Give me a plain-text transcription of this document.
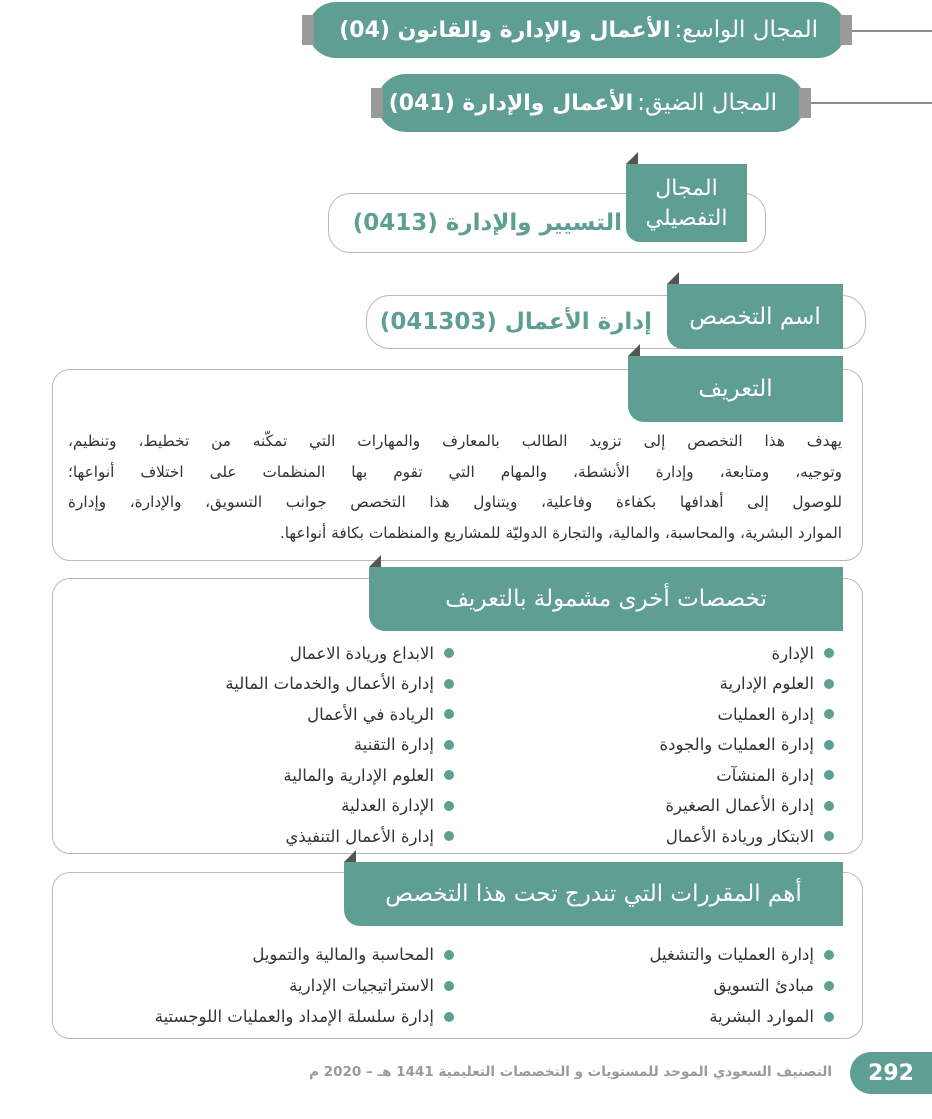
المجال الواسع:
الأعمال والإدارة والقانون (04)
المجال الضيق:
الأعمال والإدارة (041)
المجال
التفصيلي
التسيير والإدارة (0413)
اسم التخصص
إدارة الأعمال (041303)
التعريف
يهدف هذا التخصص إلى تزويد الطالب بالمعارف والمهارات التي تمكّنه من تخطيط، وتنظيم،
وتوجيه، ومتابعة، وإدارة الأنشطة، والمهام التي تقوم بها المنظمات على اختلاف أنواعها؛
للوصول إلى أهدافها بكفاءة وفاعلية، ويتناول هذا التخصص جوانب التسويق، والإدارة، وإدارة
الموارد البشرية، والمحاسبة، والمالية، والتجارة الدوليّة للمشاريع والمنظمات بكافة أنواعها.
تخصصات أخرى مشمولة بالتعريف
الإدارة
العلوم الإدارية
إدارة العمليات
إدارة العمليات والجودة
إدارة المنشآت
إدارة الأعمال الصغيرة
الابتكار وريادة الأعمال
الابداع وريادة الاعمال
إدارة الأعمال والخدمات المالية
الريادة في الأعمال
إدارة التقنية
العلوم الإدارية والمالية
الإدارة العدلية
إدارة الأعمال التنفيذي
أهم المقررات التي تندرج تحت هذا التخصص
إدارة العمليات والتشغيل
مبادئ التسويق
الموارد البشرية
المحاسبة والمالية والتمويل
الاستراتيجيات الإدارية
إدارة سلسلة الإمداد والعمليات اللوجستية
292
التصنيف السعودي الموحد للمستويات و التخصصات التعليمية 1441 هـ – 2020 م
